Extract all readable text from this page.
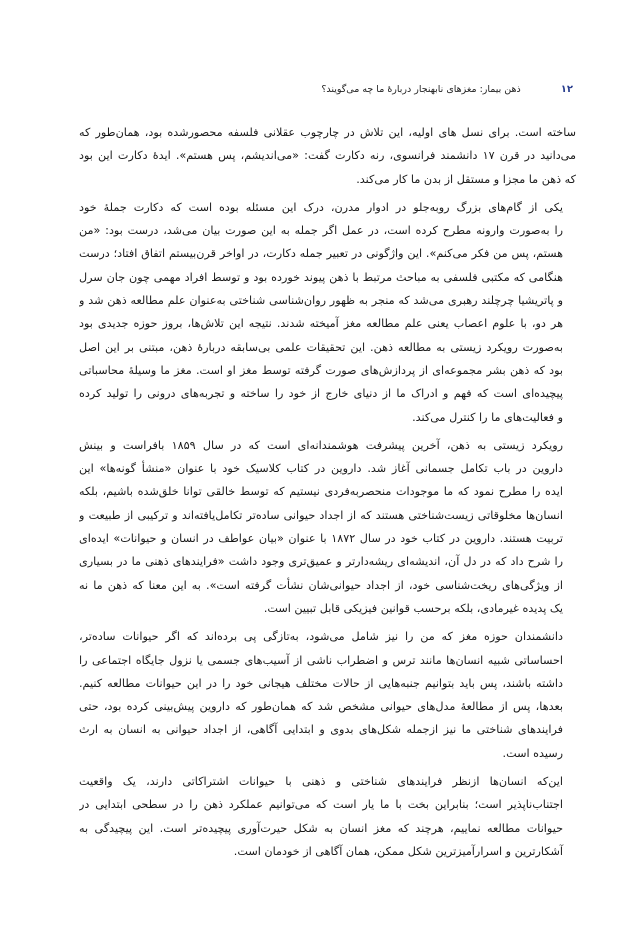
۱۲
ذهن بیمار: مغزهای نابهنجار دربارهٔ ما چه می‌گویند؟
ساخته است. برای نسل های اولیه، این تلاش در چارچوب عقلانی فلسفه محصورشده بود، همان‌طور که
می‌دانید در قرن ۱۷ دانشمند فرانسوی، رنه دکارت گفت: «می‌اندیشم، پس هستم». ایدهٔ دکارت این بود
که ذهن ما مجزا و مستقل از بدن ما کار می‌کند.
یکی از گام‌های بزرگ روبه‌جلو در ادوار مدرن، درک این مسئله بوده است که دکارت جملهٔ خود
را به‌صورت وارونه مطرح کرده است، در عمل اگر جمله به این صورت بیان می‌شد، درست بود: «من
هستم، پس من فکر می‌کنم». این واژگونی در تعبیر جمله دکارت، در اواخر قرن‌بیستم اتفاق افتاد؛ درست
هنگامی که مکتبی فلسفی به مباحث مرتبط با ذهن پیوند خورده بود و توسط افراد مهمی چون جان سرل
و پاتریشیا چرچلند رهبری می‌شد که منجر به ظهور روان‌شناسی شناختی به‌عنوان علم مطالعه ذهن شد و
هر دو، با علوم اعصاب یعنی علم مطالعه مغز آمیخته شدند. نتیجه این تلاش‌ها، بروز حوزه جدیدی بود
به‌صورت رویکرد زیستی به مطالعه ذهن. این تحقیقات علمی بی‌سابقه دربارهٔ ذهن، مبتنی بر این اصل
بود که ذهن بشر مجموعه‌ای از پردازش‌های صورت گرفته توسط مغز او است. مغز ما وسیلهٔ محاسباتی
پیچیده‌ای است که فهم و ادراک ما از دنیای خارج از خود را ساخته و تجربه‌های درونی را تولید کرده
و فعالیت‌های ما را کنترل می‌کند.
رویکرد زیستی به ذهن، آخرین پیشرفت هوشمندانه‌ای است که در سال ۱۸۵۹ بافراست و بینش
داروین در باب تکامل جسمانی آغاز شد. داروین در کتاب کلاسیک خود با عنوان «منشأ گونه‌ها» این
ایده را مطرح نمود که ما موجودات منحصربه‌فردی نیستیم که توسط خالقی توانا خلق‌شده باشیم، بلکه
انسان‌ها مخلوقاتی زیست‌شناختی هستند که از اجداد حیوانی ساده‌تر تکامل‌یافته‌اند و ترکیبی از طبیعت و
تربیت هستند. داروین در کتاب خود در سال ۱۸۷۲ با عنوان «بیان عواطف در انسان و حیوانات» ایده‌ای
را شرح داد که در دل آن، اندیشه‌ای ریشه‌دارتر و عمیق‌تری وجود داشت «فرایندهای ذهنی ما در بسیاری
از ویژگی‌های ریخت‌شناسی خود، از اجداد حیوانی‌شان نشأت گرفته است». به این معنا که ذهن ما نه
یک پدیده غیرمادی، بلکه برحسب قوانین فیزیکی قابل تبیین است.
دانشمندان حوزه مغز که من را نیز شامل می‌شود، به‌تازگی پی برده‌اند که اگر حیوانات ساده‌تر،
احساساتی شبیه انسان‌ها مانند ترس و اضطراب ناشی از آسیب‌های جسمی یا نزول جایگاه اجتماعی را
داشته باشند، پس باید بتوانیم جنبه‌هایی از حالات مختلف هیجانی خود را در این حیوانات مطالعه کنیم.
بعدها، پس از مطالعهٔ مدل‌های حیوانی مشخص شد که همان‌طور که داروین پیش‌بینی کرده بود، حتی
فرایندهای شناختی ما نیز ازجمله شکل‌های بدوی و ابتدایی آگاهی، از اجداد حیوانی به انسان به ارث
رسیده است.
این‌که انسان‌ها ازنظر فرایندهای شناختی و ذهنی با حیوانات اشتراکاتی دارند، یک واقعیت
اجتناب‌ناپذیر است؛ بنابراین بخت با ما یار است که می‌توانیم عملکرد ذهن را در سطحی ابتدایی در
حیوانات مطالعه نماییم، هرچند که مغز انسان به شکل حیرت‌آوری پیچیده‌تر است. این پیچیدگی به
آشکارترین و اسرارآمیزترین شکل ممکن، همان آگاهی از خودمان است.
